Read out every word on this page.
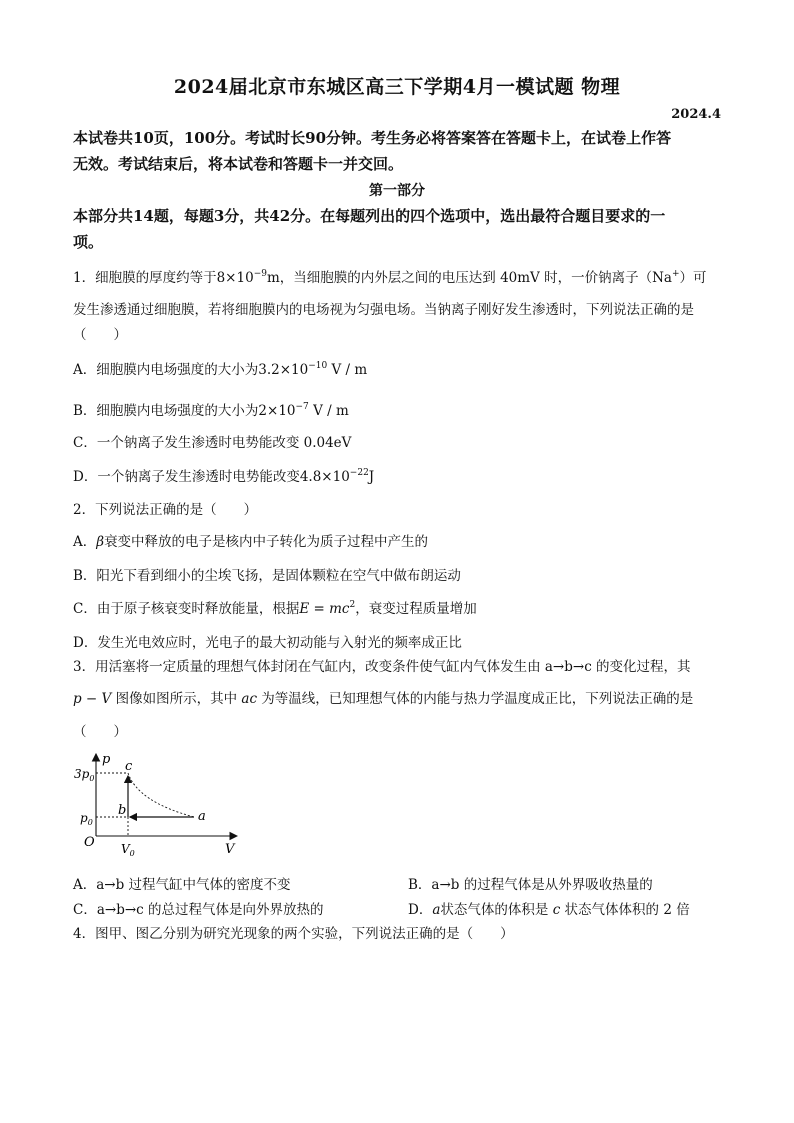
2024届北京市东城区高三下学期4月一模试题 物理
2024.4
本试卷共10页，100分。考试时长90分钟。考生务必将答案答在答题卡上，在试卷上作答
无效。考试结束后，将本试卷和答题卡一并交回。
第一部分
本部分共14题，每题3分，共42分。在每题列出的四个选项中，选出最符合题目要求的一
项。
1．细胞膜的厚度约等于$8\times 10^{-9}m$，当细胞膜的内外层之间的电压达到 40mV 时，一价钠离子（Na+）可
发生渗透通过细胞膜，若将细胞膜内的电场视为匀强电场。当钠离子刚好发生渗透时，下列说法正确的是
（　　）
A．细胞膜内电场强度的大小为$3.2\times 10^{-10}$ V / m
B．细胞膜内电场强度的大小为$2\times 10^{-7}$ V / m
C．一个钠离子发生渗透时电势能改变 0.04eV
D．一个钠离子发生渗透时电势能改变$4.8\times 10^{-22}J$
2．下列说法正确的是（　　）
A．β衰变中释放的电子是核内中子转化为质子过程中产生的
B．阳光下看到细小的尘埃飞扬，是固体颗粒在空气中做布朗运动
C．由于原子核衰变时释放能量，根据$E = mc^2$，衰变过程质量增加
D．发生光电效应时，光电子的最大初动能与入射光的频率成正比
3．用活塞将一定质量的理想气体封闭在气缸内，改变条件使气缸内气体发生由 a→b→c 的变化过程，其
p − V 图像如图所示，其中 ac 为等温线，已知理想气体的内能与热力学温度成正比，下列说法正确的是
（　　）
p
V
O
$3p_0$
$p_0$
$V_0$
a
b
c
A．a→b 过程气缸中气体的密度不变	B．a→b 的过程气体是从外界吸收热量的
C．a→b→c 的总过程气体是向外界放热的	D．a状态气体的体积是 c 状态气体体积的 2 倍
4．图甲、图乙分别为研究光现象的两个实验，下列说法正确的是（　　）
